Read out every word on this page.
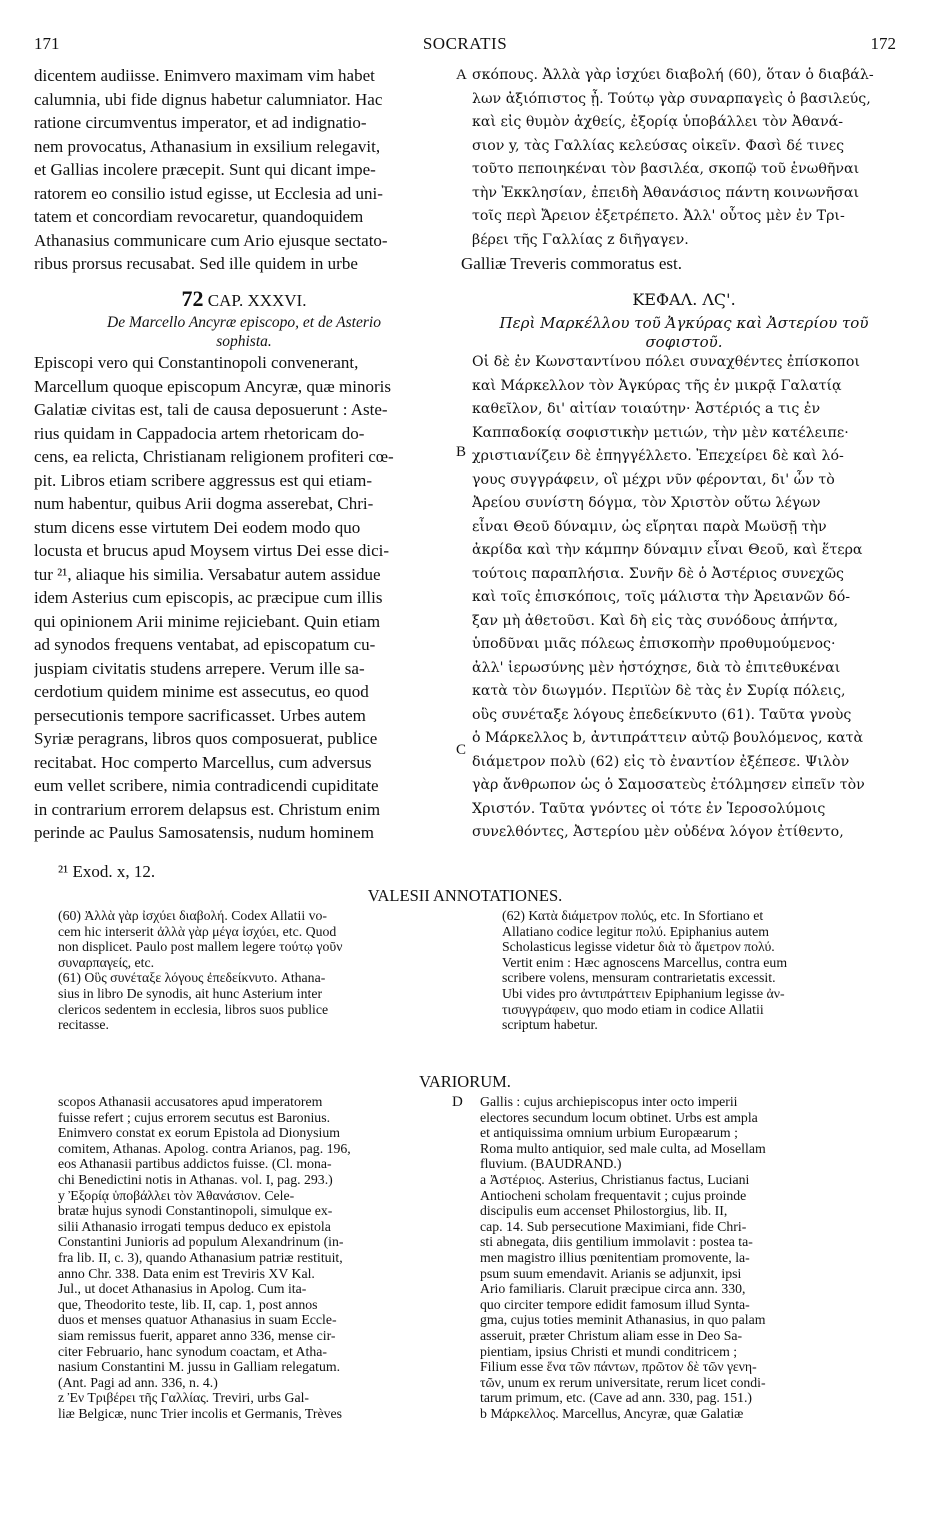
171	SOCRATIS	172
dicentem audiisse. Enimvero maximam vim habet
calumnia, ubi fide dignus habetur calumniator. Hac
ratione circumventus imperator, et ad indignatio-
nem provocatus, Athanasium in exsilium relegavit,
et Gallias incolere præcepit. Sunt qui dicant impe-
ratorem eo consilio istud egisse, ut Ecclesia ad uni-
tatem et concordiam revocaretur, quandoquidem
Athanasius communicare cum Ario ejusque sectato-
ribus prorsus recusabat. Sed ille quidem in urbe
σκόπους. Ἀλλὰ γὰρ ἰσχύει διαβολή (60), ὅταν ὁ διαβάλ-
λων ἀξιόπιστος ᾖ. Τούτῳ γὰρ συναρπαγεὶς ὁ βασιλεύς,
καὶ εἰς θυμὸν ἀχθείς, ἐξορίᾳ ὑποβάλλει τὸν Ἀθανά-
σιον y, τὰς Γαλλίας κελεύσας οἰκεῖν. Φασὶ δέ τινες
τοῦτο πεποιηκέναι τὸν βασιλέα, σκοπῷ τοῦ ἑνωθῆναι
τὴν Ἐκκλησίαν, ἐπειδὴ Ἀθανάσιος πάντη κοινωνῆσαι
τοῖς περὶ Ἄρειον ἐξετρέπετο. Ἀλλ' οὗτος μὲν ἐν Τρι-
βέρει τῆς Γαλλίας z διῆγαγεν.
Galliæ Treveris commoratus est.
A
B
C
D
72 CAP. XXXVI.
De Marcello Ancyræ episcopo, et de Asterio
sophista.
ΚΕΦΑΛ. ΛϚ'.
Περὶ Μαρκέλλου τοῦ Ἀγκύρας καὶ Ἀστερίου τοῦ
σοφιστοῦ.
Episcopi vero qui Constantinopoli convenerant,
Marcellum quoque episcopum Ancyræ, quæ minoris
Galatiæ civitas est, tali de causa deposuerunt : Aste-
rius quidam in Cappadocia artem rhetoricam do-
cens, ea relicta, Christianam religionem profiteri cœ-
pit. Libros etiam scribere aggressus est qui etiam-
num habentur, quibus Arii dogma asserebat, Chri-
stum dicens esse virtutem Dei eodem modo quo
locusta et brucus apud Moysem virtus Dei esse dici-
tur ²¹, aliaque his similia. Versabatur autem assidue
idem Asterius cum episcopis, ac præcipue cum illis
qui opinionem Arii minime rejiciebant. Quin etiam
ad synodos frequens ventabat, ad episcopatum cu-
juspiam civitatis studens arrepere. Verum ille sa-
cerdotium quidem minime est assecutus, eo quod
persecutionis tempore sacrificasset. Urbes autem
Syriæ peragrans, libros quos composuerat, publice
recitabat. Hoc comperto Marcellus, cum adversus
eum vellet scribere, nimia contradicendi cupiditate
in contrarium errorem delapsus est. Christum enim
perinde ac Paulus Samosatensis, nudum hominem
Οἱ δὲ ἐν Κωνσταντίνου πόλει συναχθέντες ἐπίσκοποι
καὶ Μάρκελλον τὸν Ἀγκύρας τῆς ἐν μικρᾷ Γαλατίᾳ
καθεῖλον, δι' αἰτίαν τοιαύτην· Ἀστέριός a τις ἐν
Καππαδοκίᾳ σοφιστικὴν μετιών, τὴν μὲν κατέλειπε·
χριστιανίζειν δὲ ἐπηγγέλλετο. Ἐπεχείρει δὲ καὶ λό-
γους συγγράφειν, οἳ μέχρι νῦν φέρονται, δι' ὧν τὸ
Ἀρείου συνίστη δόγμα, τὸν Χριστὸν οὕτω λέγων
εἶναι Θεοῦ δύναμιν, ὡς εἴρηται παρὰ Μωϋσῇ τὴν
ἀκρίδα καὶ τὴν κάμπην δύναμιν εἶναι Θεοῦ, καὶ ἕτερα
τούτοις παραπλήσια. Συνῆν δὲ ὁ Ἀστέριος συνεχῶς
καὶ τοῖς ἐπισκόποις, τοῖς μάλιστα τὴν Ἀρειανῶν δό-
ξαν μὴ ἀθετοῦσι. Καὶ δὴ εἰς τὰς συνόδους ἀπήντα,
ὑποδῦναι μιᾶς πόλεως ἐπισκοπὴν προθυμούμενος·
ἀλλ' ἱερωσύνης μὲν ἠστόχησε, διὰ τὸ ἐπιτεθυκέναι
κατὰ τὸν διωγμόν. Περιϊὼν δὲ τὰς ἐν Συρίᾳ πόλεις,
οὓς συνέταξε λόγους ἐπεδείκνυτο (61). Ταῦτα γνοὺς
ὁ Μάρκελλος b, ἀντιπράττειν αὐτῷ βουλόμενος, κατὰ
διάμετρον πολὺ (62) εἰς τὸ ἐναντίον ἐξέπεσε. Ψιλὸν
γὰρ ἄνθρωπον ὡς ὁ Σαμοσατεὺς ἐτόλμησεν εἰπεῖν τὸν
Χριστόν. Ταῦτα γνόντες οἱ τότε ἐν Ἱεροσολύμοις
συνελθόντες, Ἀστερίου μὲν οὐδένα λόγον ἐτίθεντο,
²¹ Exod. x, 12.
VALESII ANNOTATIONES.
(60) Ἀλλὰ γὰρ ἰσχύει διαβολή. Codex Allatii vo-
cem hic interserit ἀλλὰ γὰρ μέγα ἰσχύει, etc. Quod
non displicet. Paulo post mallem legere τούτῳ γοῦν
συναρπαγείς, etc.
(61) Οὓς συνέταξε λόγους ἐπεδείκνυτο. Athana-
sius in libro De synodis, ait hunc Asterium inter
clericos sedentem in ecclesia, libros suos publice
recitasse.
(62) Κατὰ διάμετρον πολύς, etc. In Sfortiano et
Allatiano codice legitur πολύ. Epiphanius autem
Scholasticus legisse videtur διὰ τὸ ἄμετρον πολύ.
Vertit enim : Hæc agnoscens Marcellus, contra eum
scribere volens, mensuram contrarietatis excessit.
Ubi vides pro ἀντιπράττειν Epiphanium legisse ἀν-
τισυγγράφειν, quo modo etiam in codice Allatii
scriptum habetur.
VARIORUM.
scopos Athanasii accusatores apud imperatorem
fuisse refert ; cujus errorem secutus est Baronius.
Enimvero constat ex eorum Epistola ad Dionysium
comitem, Athanas. Apolog. contra Arianos, pag. 196,
eos Athanasii partibus addictos fuisse. (Cl. mona-
chi Benedictini notis in Athanas. vol. I, pag. 293.)
y Ἐξορίᾳ ὑποβάλλει τὸν Ἀθανάσιον. Cele-
bratæ hujus synodi Constantinopoli, simulque ex-
silii Athanasio irrogati tempus deduco ex epistola
Constantini Junioris ad populum Alexandrinum (in-
fra lib. II, c. 3), quando Athanasium patriæ restituit,
anno Chr. 338. Data enim est Treviris XV Kal.
Jul., ut docet Athanasius in Apolog. Cum ita-
que, Theodorito teste, lib. II, cap. 1, post annos
duos et menses quatuor Athanasius in suam Eccle-
siam remissus fuerit, apparet anno 336, mense cir-
citer Februario, hanc synodum coactam, et Atha-
nasium Constantini M. jussu in Galliam relegatum.
(Ant. Pagi ad ann. 336, n. 4.)
z Ἐν Τριβέρει τῆς Γαλλίας. Treviri, urbs Gal-
liæ Belgicæ, nunc Trier incolis et Germanis, Trèves
Gallis : cujus archiepiscopus inter octo imperii
electores secundum locum obtinet. Urbs est ampla
et antiquissima omnium urbium Europæarum ;
Roma multo antiquior, sed male culta, ad Mosellam
fluvium. (BAUDRAND.)
a Ἀστέριος. Asterius, Christianus factus, Luciani
Antiocheni scholam frequentavit ; cujus proinde
discipulis eum accenset Philostorgius, lib. II,
cap. 14. Sub persecutione Maximiani, fide Chri-
sti abnegata, diis gentilium immolavit : postea ta-
men magistro illius pœnitentiam promovente, la-
psum suum emendavit. Arianis se adjunxit, ipsi
Ario familiaris. Claruit præcipue circa ann. 330,
quo circiter tempore edidit famosum illud Synta-
gma, cujus toties meminit Athanasius, in quo palam
asseruit, præter Christum aliam esse in Deo Sa-
pientiam, ipsius Christi et mundi conditricem ;
Filium esse ἕνα τῶν πάντων, πρῶτον δὲ τῶν γενη-
τῶν, unum ex rerum universitate, rerum licet condi-
tarum primum, etc. (Cave ad ann. 330, pag. 151.)
b Μάρκελλος. Marcellus, Ancyræ, quæ Galatiæ
